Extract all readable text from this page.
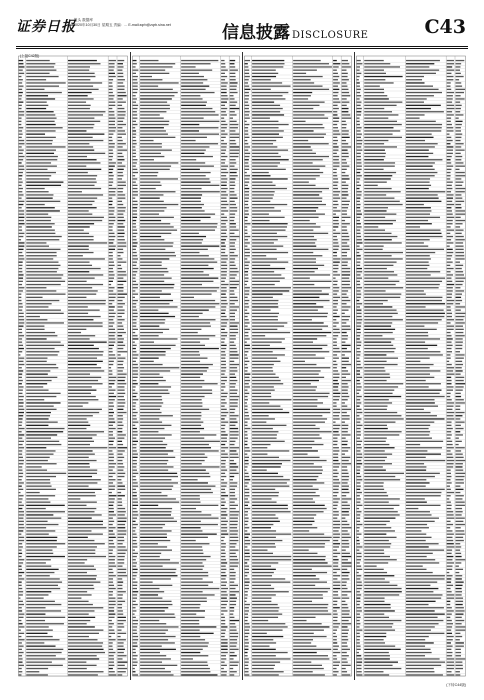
证券日报
报头 数据库
2020年10月30日 星期五 责编：... E-mail:zqrb@zqrb.sina.net	信息披露 DISCLOSURE	C43
(上接C42版)
(下转C44版)
